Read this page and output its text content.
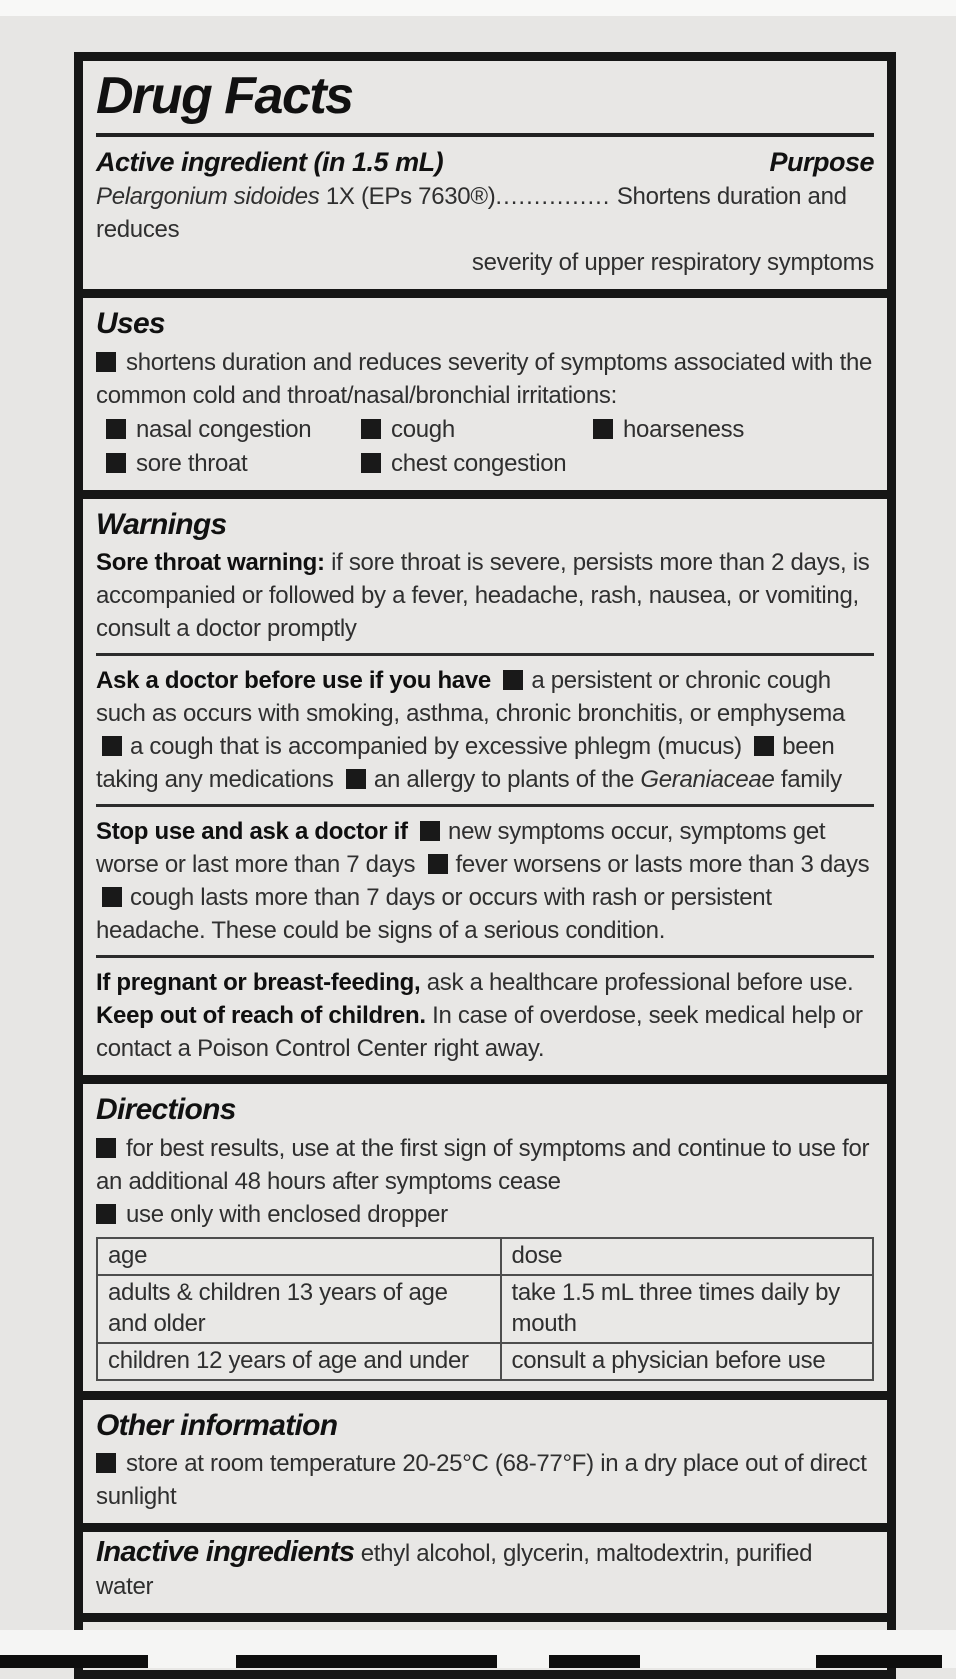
Drug Facts
Active ingredient (in 1.5 mL)	Purpose

Pelargonium sidoides 1X (EPs 7630®)............... Shortens duration and reduces
severity of upper respiratory symptoms

Uses

shortens duration and reduces severity of symptoms associated with the common cold and throat/nasal/bronchial irritations:

nasal congestion	cough	hoarseness
sore throat	chest congestion
Warnings

Sore throat warning: if sore throat is severe, persists more than 2 days, is accompanied or followed by a fever, headache, rash, nausea, or vomiting, consult a doctor promptly

Ask a doctor before use if you have a persistent or chronic cough such as occurs with smoking, asthma, chronic bronchitis, or emphysema a cough that is accompanied by excessive phlegm (mucus) been taking any medications an allergy to plants of the Geraniaceae family

Stop use and ask a doctor if new symptoms occur, symptoms get worse or last more than 7 days fever worsens or lasts more than 3 days cough lasts more than 7 days or occurs with rash or persistent headache. These could be signs of a serious condition.

If pregnant or breast-feeding, ask a healthcare professional before use.

Keep out of reach of children. In case of overdose, seek medical help or contact a Poison Control Center right away.

Directions

for best results, use at the first sign of symptoms and continue to use for an additional 48 hours after symptoms cease

use only with enclosed dropper

age	dose
adults & children 13 years of age and older	take 1.5 mL three times daily by mouth
children 12 years of age and under	consult a physician before use
Other information

store at room temperature 20-25°C (68-77°F) in a dry place out of direct sunlight

Inactive ingredients ethyl alcohol, glycerin, maltodextrin, purified water
